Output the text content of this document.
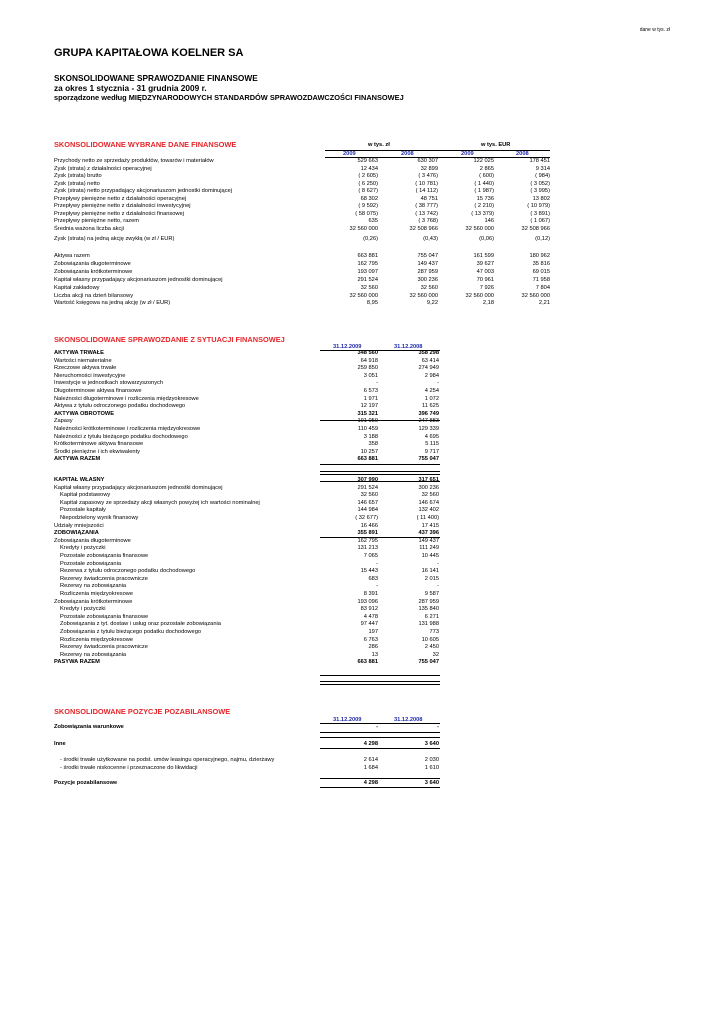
dane w tys. zł
GRUPA KAPITAŁOWA KOELNER SA
SKONSOLIDOWANE SPRAWOZDANIE FINANSOWE
za okres 1 stycznia - 31 grudnia 2009 r.
sporządzone według MIĘDZYNARODOWYCH STANDARDÓW SPRAWOZDAWCZOŚCI FINANSOWEJ
SKONSOLIDOWANE WYBRANE DANE FINANSOWE	w tys. zł	w tys. EUR
2009	2008	2009	2008
Przychody netto ze sprzedaży produktów, towarów i materiałów	529 663	630 307	122 025	178 451
Zysk (strata) z działalności operacyjnej	12 434	32 899	2 865	9 314
Zysk (strata) brutto	( 2 605)	( 3 476)	( 600)	( 984)
Zysk (strata) netto	( 6 250)	( 10 781)	( 1 440)	( 3 052)
Zysk (strata) netto przypadający akcjonariuszom jednostki dominującej	( 8 627)	( 14 112)	( 1 987)	( 3 995)
Przepływy pieniężne netto z działalności operacyjnej	68 302	48 751	15 736	13 802
Przepływy pieniężne netto z działalności inwestycyjnej	( 9 592)	( 38 777)	( 2 210)	( 10 979)
Przepływy pieniężne netto z działalności finansowej	( 58 075)	( 13 742)	( 13 379)	( 3 891)
Przepływy pieniężne netto, razem	635	( 3 768)	146	( 1 067)
Średnia ważona liczba akcji	32 560 000	32 508 966	32 560 000	32 508 966
Zysk (strata) na jedną akcję zwykłą (w zł / EUR)	(0,26)	(0,43)	(0,06)	(0,12)
Aktywa razem	663 881	755 047	161 599	180 962
Zobowiązania długoterminowe	162 795	149 437	39 627	35 816
Zobowiązania krótkoterminowe	193 097	287 959	47 003	69 015
Kapitał własny przypadający akcjonariuszom jednostki dominującej	291 524	300 236	70 961	71 958
Kapitał zakładowy	32 560	32 560	7 926	7 804
Liczba akcji na dzień bilansowy	32 560 000	32 560 000	32 560 000	32 560 000
Wartość księgowa na jedną akcję (w zł / EUR)	8,95	9,22	2,18	2,21
SKONSOLIDOWANE SPRAWOZDANIE Z SYTUACJI FINANSOWEJ
31.12.2009	31.12.2008
AKTYWA TRWAŁE	348 560	358 298
Wartości niematerialne	64 918	63 414
Rzeczowe aktywa trwałe	259 850	274 949
Nieruchomości inwestycyjne	3 051	2 984
Inwestycje w jednostkach stowarzyszonych	-	-
Długoterminowe aktywa finansowe	6 573	4 254
Należności długoterminowe i rozliczenia międzyokresowe	1 971	1 072
Aktywa z tytułu odroczonego podatku dochodowego	12 197	11 625
AKTYWA OBROTOWE	315 321	396 749
Zapasy	191 059	247 883
Należności krótkoterminowe i rozliczenia międzyokresowe	110 459	129 339
Należności z tytułu bieżącego podatku dochodowego	3 188	4 695
Krótkoterminowe aktywa finansowe	358	5 115
Środki pieniężne i ich ekwiwalenty	10 257	9 717
AKTYWA RAZEM	663 881	755 047
KAPITAŁ WŁASNY	307 990	317 651
Kapitał własny przypadający akcjonariuszom jednostki dominującej	291 524	300 236
Kapitał podstawowy	32 560	32 560
Kapitał zapasowy ze sprzedaży akcji własnych powyżej ich wartości nominalnej	146 657	146 674
Pozostałe kapitały	144 984	132 402
Niepodzielony wynik finansowy	( 32 677)	( 11 400)
Udziały mniejszości	16 466	17 415
ZOBOWIĄZANIA	355 891	437 396
Zobowiązania długoterminowe	162 795	149 437
Kredyty i pożyczki	131 213	111 249
Pozostałe zobowiązania finansowe	7 065	10 445
Pozostałe zobowiązania	-	-
Rezerwa z tytułu odroczonego podatku dochodowego	15 443	16 141
Rezerwy świadczenia pracownicze	683	2 015
Rezerwy na zobowiązania	-	-
Rozliczenia międzyokresowe	8 391	9 587
Zobowiązania krótkoterminowe	193 096	287 959
Kredyty i pożyczki	83 912	135 840
Pozostałe zobowiązania finansowe	4 478	6 271
Zobowiązania z tyt. dostaw i usług oraz pozostałe zobowiązania	97 447	131 988
Zobowiązania z tytułu bieżącego podatku dochodowego	197	773
Rozliczenia międzyokresowe	6 763	10 605
Rezerwy świadczenia pracownicze	286	2 450
Rezerwy na zobowiązania	13	32
PASYWA RAZEM	663 881	755 047
SKONSOLIDOWANE POZYCJE POZABILANSOWE
31.12.2009	31.12.2008
Zobowiązania warunkowe	-	-
Inne	4 298	3 640
- środki trwałe użytkowane na podst. umów leasingu operacyjnego, najmu, dzierżawy	2 614	2 030
- środki trwałe niskocenne i przeznaczone do likwidacji	1 684	1 610
Pozycje pozabilansowe	4 298	3 640
